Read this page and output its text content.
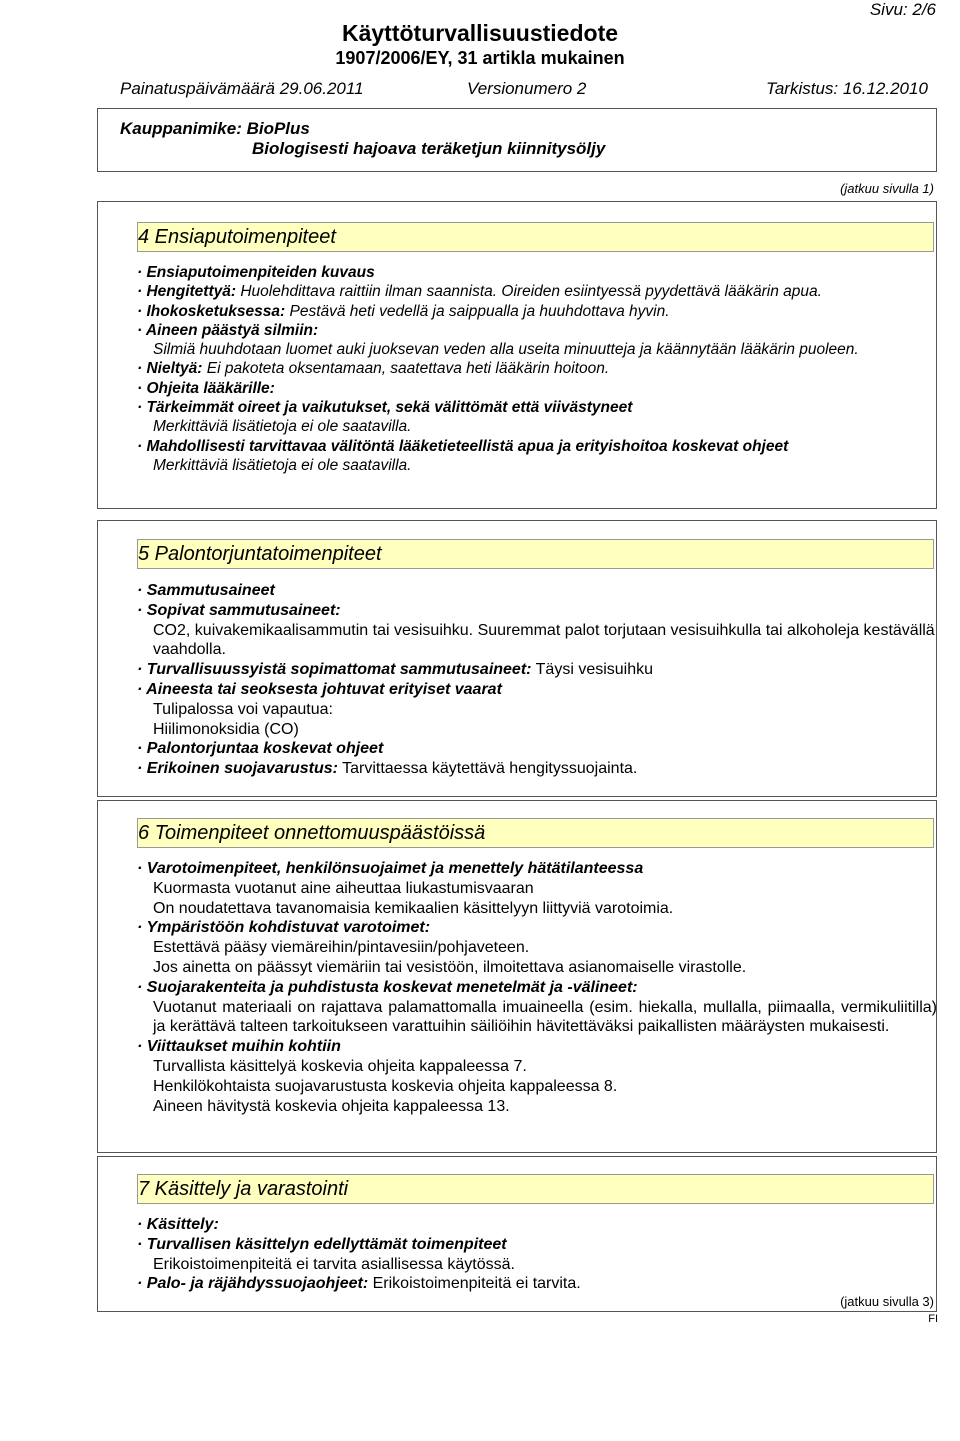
Sivu: 2/6
Käyttöturvallisuustiedote
1907/2006/EY, 31 artikla mukainen
Painatuspäivämäärä 29.06.2011	Versionumero 2	Tarkistus: 16.12.2010
Kauppanimike: BioPlus
Biologisesti hajoava teräketjun kiinnitysöljy
(jatkuu sivulla 1)
4 Ensiaputoimenpiteet

· Ensiaputoimenpiteiden kuvaus

· Hengitettyä: Huolehdittava raittiin ilman saannista. Oireiden esiintyessä pyydettävä lääkärin apua.

· Ihokosketuksessa: Pestävä heti vedellä ja saippualla ja huuhdottava hyvin.

· Aineen päästyä silmiin:

Silmiä huuhdotaan luomet auki juoksevan veden alla useita minuutteja ja käännytään lääkärin puoleen.

· Nieltyä: Ei pakoteta oksentamaan, saatettava heti lääkärin hoitoon.

· Ohjeita lääkärille:

· Tärkeimmät oireet ja vaikutukset, sekä välittömät että viivästyneet

Merkittäviä lisätietoja ei ole saatavilla.

· Mahdollisesti tarvittavaa välitöntä lääketieteellistä apua ja erityishoitoa koskevat ohjeet

Merkittäviä lisätietoja ei ole saatavilla.

5 Palontorjuntatoimenpiteet

· Sammutusaineet

· Sopivat sammutusaineet:

CO2, kuivakemikaalisammutin tai vesisuihku. Suuremmat palot torjutaan vesisuihkulla tai alkoholeja kestävällä vaahdolla.

· Turvallisuussyistä sopimattomat sammutusaineet: Täysi vesisuihku

· Aineesta tai seoksesta johtuvat erityiset vaarat

Tulipalossa voi vapautua:

Hiilimonoksidia (CO)

· Palontorjuntaa koskevat ohjeet

· Erikoinen suojavarustus: Tarvittaessa käytettävä hengityssuojainta.

6 Toimenpiteet onnettomuuspäästöissä

· Varotoimenpiteet, henkilönsuojaimet ja menettely hätätilanteessa

Kuormasta vuotanut aine aiheuttaa liukastumisvaaran

On noudatettava tavanomaisia kemikaalien käsittelyyn liittyviä varotoimia.

· Ympäristöön kohdistuvat varotoimet:

Estettävä pääsy viemäreihin/pintavesiin/pohjaveteen.

Jos ainetta on päässyt viemäriin tai vesistöön, ilmoitettava asianomaiselle virastolle.

· Suojarakenteita ja puhdistusta koskevat menetelmät ja -välineet:

Vuotanut materiaali on rajattava palamattomalla imuaineella (esim. hiekalla, mullalla, piimaalla, vermikuliitilla) ja kerättävä talteen tarkoitukseen varattuihin säiliöihin hävitettäväksi paikallisten määräysten mukaisesti.

· Viittaukset muihin kohtiin

Turvallista käsittelyä koskevia ohjeita kappaleessa 7.

Henkilökohtaista suojavarustusta koskevia ohjeita kappaleessa 8.

Aineen hävitystä koskevia ohjeita kappaleessa 13.

7 Käsittely ja varastointi

· Käsittely:

· Turvallisen käsittelyn edellyttämät toimenpiteet

Erikoistoimenpiteitä ei tarvita asiallisessa käytössä.

· Palo- ja räjähdyssuojaohjeet: Erikoistoimenpiteitä ei tarvita.

(jatkuu sivulla 3)
FI
